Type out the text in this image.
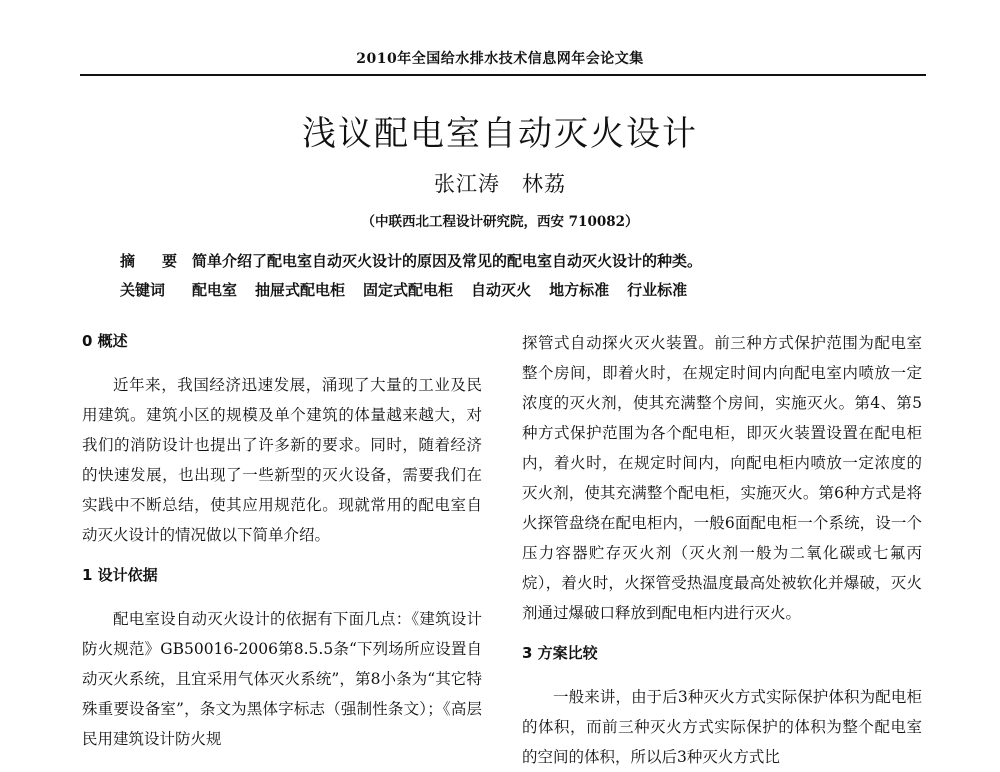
2010年全国给水排水技术信息网年会论文集
浅议配电室自动灭火设计
张江涛 林荔
（中联西北工程设计研究院，西安 710082）
摘　要 简单介绍了配电室自动灭火设计的原因及常见的配电室自动灭火设计的种类。
关键词 配电室 抽屉式配电柜 固定式配电柜 自动灭火 地方标准 行业标准
0 概述

近年来，我国经济迅速发展，涌现了大量的工业及民用建筑。建筑小区的规模及单个建筑的体量越来越大，对我们的消防设计也提出了许多新的要求。同时，随着经济的快速发展，也出现了一些新型的灭火设备，需要我们在实践中不断总结，使其应用规范化。现就常用的配电室自动灭火设计的情况做以下简单介绍。

1 设计依据

配电室设自动灭火设计的依据有下面几点：《建筑设计防火规范》GB50016-2006第8.5.5条“下列场所应设置自动灭火系统，且宜采用气体灭火系统”，第8小条为“其它特殊重要设备室”，条文为黑体字标志（强制性条文）；《高层民用建筑设计防火规

探管式自动探火灭火装置。前三种方式保护范围为配电室整个房间，即着火时，在规定时间内向配电室内喷放一定浓度的灭火剂，使其充满整个房间，实施灭火。第4、第5种方式保护范围为各个配电柜，即灭火装置设置在配电柜内，着火时，在规定时间内，向配电柜内喷放一定浓度的灭火剂，使其充满整个配电柜，实施灭火。第6种方式是将火探管盘绕在配电柜内，一般6面配电柜一个系统，设一个压力容器贮存灭火剂（灭火剂一般为二氧化碳或七氟丙烷），着火时，火探管受热温度最高处被软化并爆破，灭火剂通过爆破口释放到配电柜内进行灭火。

3 方案比较

一般来讲，由于后3种灭火方式实际保护体积为配电柜的体积，而前三种灭火方式实际保护的体积为整个配电室的空间的体积，所以后3种灭火方式比
